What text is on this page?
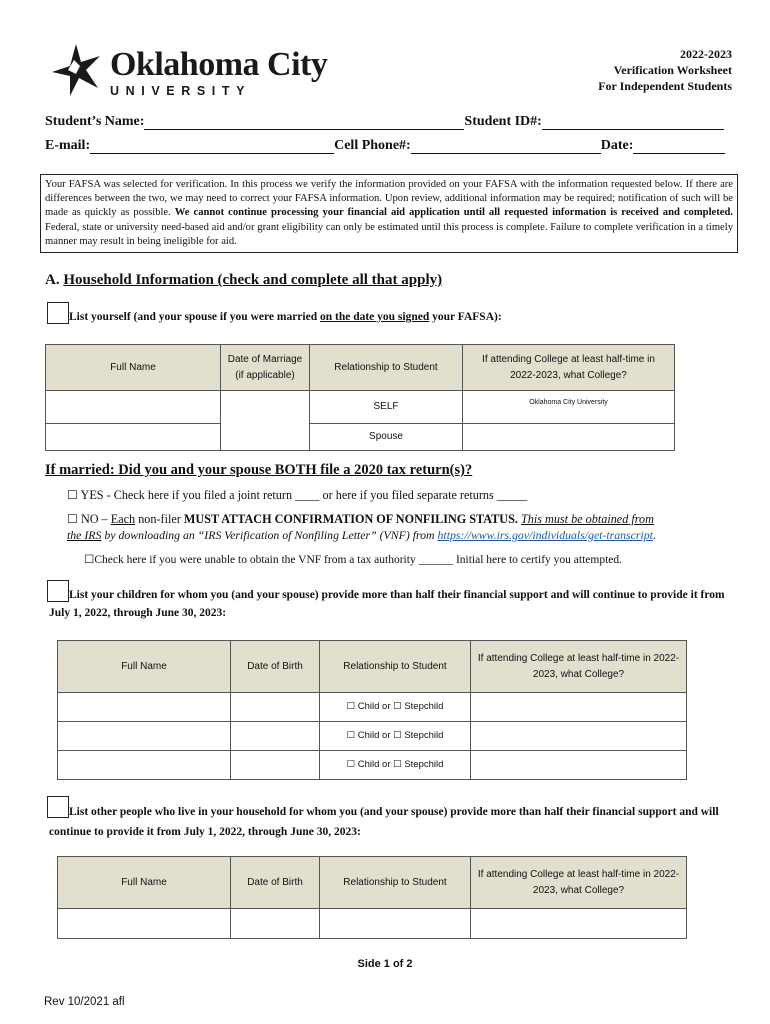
Oklahoma City
UNIVERSITY
2022-2023
Verification Worksheet
For Independent Students
Student’s Name:	Student ID#:
E-mail:	Cell Phone#:	Date:
Your FAFSA was selected for verification. In this process we verify the information provided on your FAFSA with the information requested below. If there are differences between the two, we may need to correct your FAFSA information. Upon review, additional information may be required; notification of such will be made as quickly as possible. We cannot continue processing your financial aid application until all requested information is received and completed. Federal, state or university need-based aid and/or grant eligibility can only be estimated until this process is complete. Failure to complete verification in a timely manner may result in being ineligible for aid.
A. Household Information (check and complete all that apply)
List yourself (and your spouse if you were married on the date you signed your FAFSA):
Full Name	Date of Marriage (if applicable)	Relationship to Student	If attending College at least half-time in 2022-2023, what College?
		SELF	Oklahoma City University
		Spouse	
If married: Did you and your spouse BOTH file a 2020 tax return(s)?
☐ YES - Check here if you filed a joint return ____ or here if you filed separate returns _____
☐ NO – Each non-filer MUST ATTACH CONFIRMATION OF NONFILING STATUS. This must be obtained from
the IRS by downloading an “IRS Verification of Nonfiling Letter” (VNF) from https://www.irs.gov/individuals/get-transcript.
☐Check here if you were unable to obtain the VNF from a tax authority ______ Initial here to certify you attempted.
List your children for whom you (and your spouse) provide more than half their financial support and will continue to provide it from July 1, 2022, through June 30, 2023:
Full Name	Date of Birth	Relationship to Student	If attending College at least half-time in 2022-2023, what College?
		☐ Child or ☐ Stepchild	
		☐ Child or ☐ Stepchild	
		☐ Child or ☐ Stepchild	
List other people who live in your household for whom you (and your spouse) provide more than half their financial support and will continue to provide it from July 1, 2022, through June 30, 2023:
Full Name	Date of Birth	Relationship to Student	If attending College at least half-time in 2022-2023, what College?

Side 1 of 2
Rev 10/2021 afl
